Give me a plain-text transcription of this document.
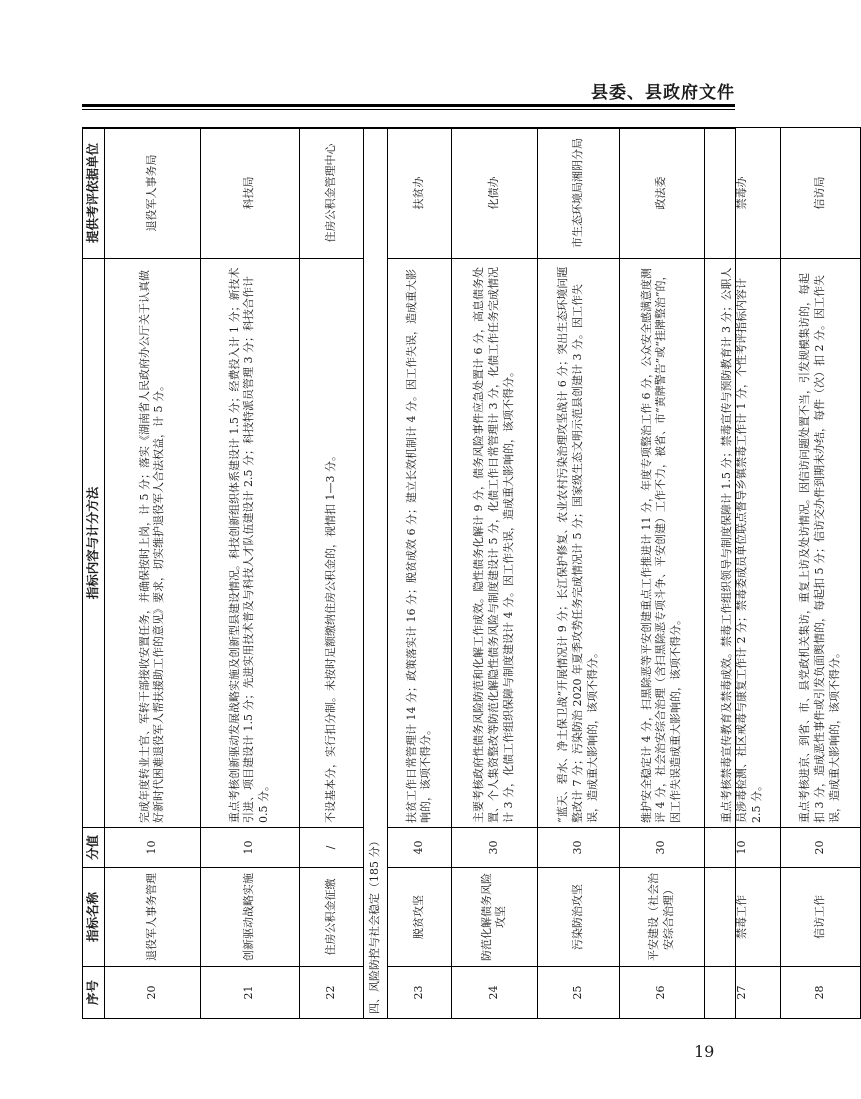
县委、县政府文件
序号	指标名称	分值	指标内容与计分方法	提供考评依据单位
20	退役军人事务管理	10	完成年度转业士官、军转干部接收安置任务，并确保按时上岗，计 5 分；落实《湖南省人民政府办公厅关于认真做好新时代困难退役军人帮扶援助工作的意见》要求，切实维护退役军人合法权益，计 5 分。	退役军人事务局
21	创新驱动战略实施	10	重点考核创新驱动发展战略实施及创新型县建设情况。科技创新组织体系建设计 1.5 分；经费投入计 1 分；新技术引进、项目建设计 1.5 分；先进实用技术普及与科技人才队伍建设计 2.5 分；科技特派员管理 3 分；科技合作计 0.5 分。	科技局
22	住房公积金征缴	/	不设基本分，实行扣分制。未按时足额缴纳住房公积金的，视情扣 1—3 分。	住房公积金管理中心
四、风险防控与社会稳定（185 分）				
23	脱贫攻坚	40	扶贫工作日常管理计 14 分；政策落实计 16 分；脱贫成效 6 分；建立长效机制计 4 分。因工作失误，造成重大影响的，该项不得分。	扶贫办
24	防范化解债务风险攻坚	30	主要考核政府性债务风险防范和化解工作成效。隐性债务化解计 9 分，债务风险事件应急处置计 6 分，高息债务处置、个人集资整改等防范化解隐性债务风险与制度建设计 5 分，化债工作日常管理计 3 分，化债工作任务完成情况计 3 分，化债工作组织保障与制度建设计 4 分。因工作失误，造成重大影响的，该项不得分。	化债办
25	污染防治攻坚	30	“蓝天、碧水、净土保卫战”开展情况计 9 分；长江保护修复、农业农村污染治理攻坚战计 6 分；突出生态环境问题整改计 7 分；污染防治 2020 年夏季攻势任务完成情况计 5 分；国家级生态文明示范县创建计 3 分。因工作失误，造成重大影响的，该项不得分。	市生态环境局湘阴分局
26	平安建设（社会治安综合治理）	30	维护安全稳定计 4 分，扫黑除恶等平安创建重点工作推进计 11 分，年度专项整治工作 6 分，公众安全感满意度测评 4 分，社会治安综合治理（含扫黑除恶专项斗争、平安创建）工作不力，被省、市“黄牌警告”或“挂牌整治”的，因工作失误造成重大影响的，该项不得分。	政法委
27	禁毒工作	10	重点考核禁毒宣传教育及禁毒成效。禁毒工作组织领导与制度保障计 1.5 分；禁毒宣传与预防教育计 3 分；公职人员涉毒检测、社区戒毒与康复工作计 2 分；禁毒委成员单位联点督导乡镇禁毒工作计 1 分，个性考评指标内容计 2.5 分。	禁毒办
28	信访工作	20	重点考核进京、到省、市、县党政机关集访，重复上访及处访情况。因信访问题处置不当，引发规模集访的，每起扣 3 分，造成恶性事件或引发负面舆情的，每起扣 5 分；信访交办件到期未办结，每件（次）扣 2 分。因工作失误，造成重大影响的，该项不得分。	信访局
19
